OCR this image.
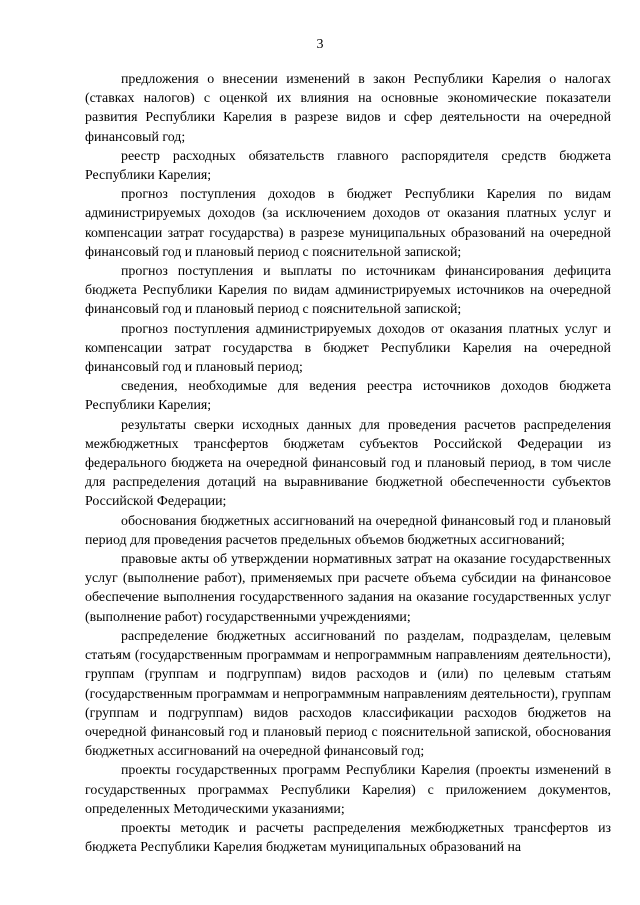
3

предложения о внесении изменений в закон Республики Карелия о налогах (ставках налогов) с оценкой их влияния на основные экономические показатели развития Республики Карелия в разрезе видов и сфер деятельности на очередной финансовый год;

реестр расходных обязательств главного распорядителя средств бюджета Республики Карелия;

прогноз поступления доходов в бюджет Республики Карелия по видам администрируемых доходов (за исключением доходов от оказания платных услуг и компенсации затрат государства) в разрезе муниципальных образований на очередной финансовый год и плановый период с пояснительной запиской;

прогноз поступления и выплаты по источникам финансирования дефицита бюджета Республики Карелия по видам администрируемых источников на очередной финансовый год и плановый период с пояснительной запиской;

прогноз поступления администрируемых доходов от оказания платных услуг и компенсации затрат государства в бюджет Республики Карелия на очередной финансовый год и плановый период;

сведения, необходимые для ведения реестра источников доходов бюджета Республики Карелия;

результаты сверки исходных данных для проведения расчетов распределения межбюджетных трансфертов бюджетам субъектов Российской Федерации из федерального бюджета на очередной финансовый год и плановый период, в том числе для распределения дотаций на выравнивание бюджетной обеспеченности субъектов Российской Федерации;

обоснования бюджетных ассигнований на очередной финансовый год и плановый период для проведения расчетов предельных объемов бюджетных ассигнований;

правовые акты об утверждении нормативных затрат на оказание государственных услуг (выполнение работ), применяемых при расчете объема субсидии на финансовое обеспечение выполнения государственного задания на оказание государственных услуг (выполнение работ) государственными учреждениями;

распределение бюджетных ассигнований по разделам, подразделам, целевым статьям (государственным программам и непрограммным направлениям деятельности), группам (группам и подгруппам) видов расходов и (или) по целевым статьям (государственным программам и непрограммным направлениям деятельности), группам (группам и подгруппам) видов расходов классификации расходов бюджетов на очередной финансовый год и плановый период с пояснительной запиской, обоснования бюджетных ассигнований на очередной финансовый год;

проекты государственных программ Республики Карелия (проекты изменений в государственных программах Республики Карелия) с приложением документов, определенных Методическими указаниями;

проекты методик и расчеты распределения межбюджетных трансфертов из бюджета Республики Карелия бюджетам муниципальных образований на
